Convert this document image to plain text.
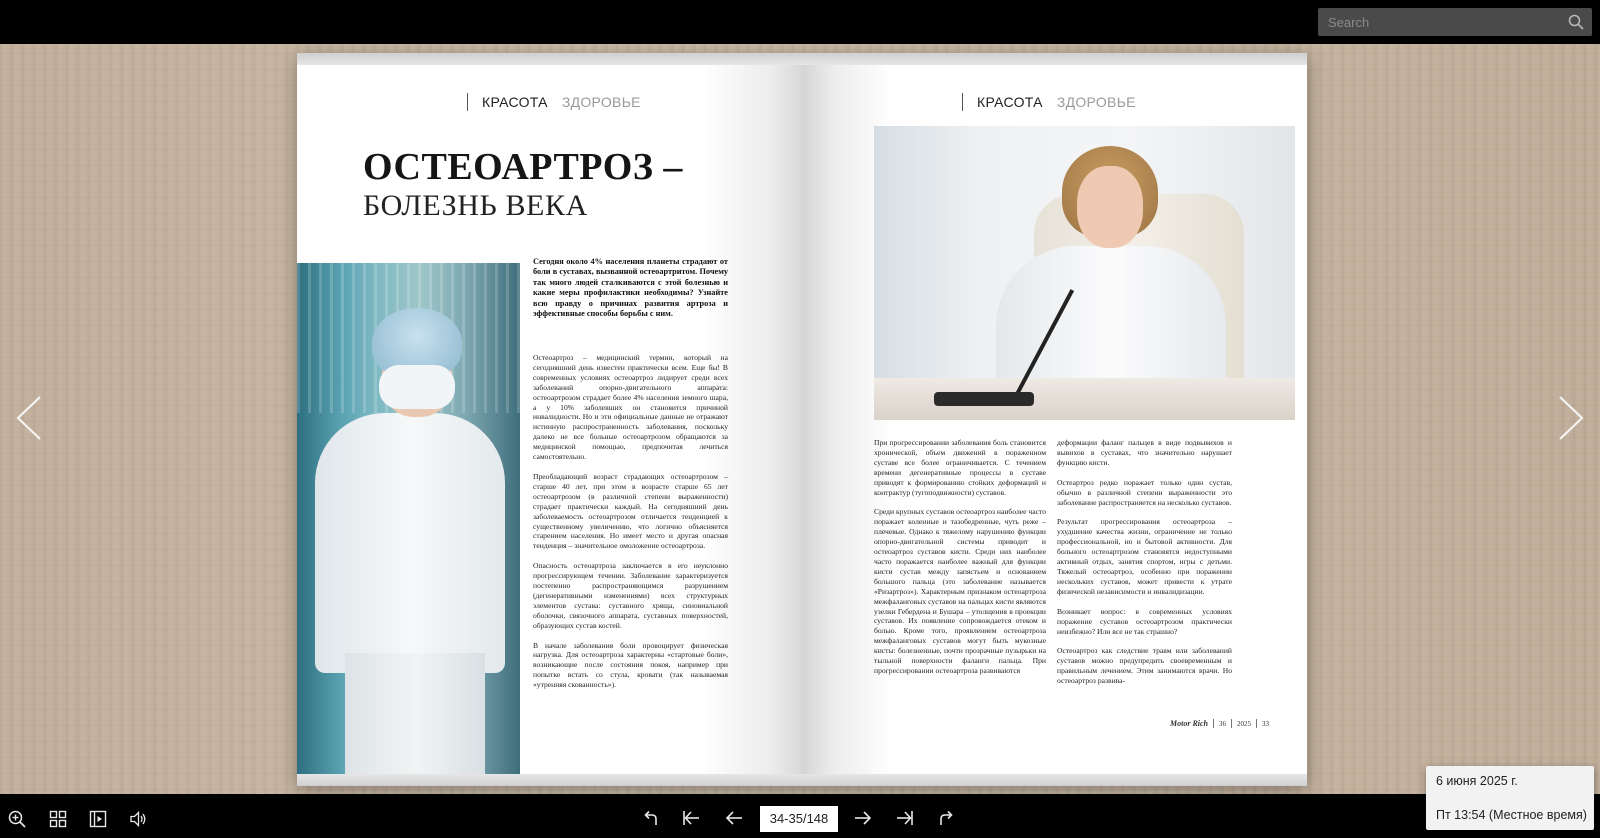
Search
КРАСОТА ЗДОРОВЬЕ
ОСТЕОАРТРОЗ –
БОЛЕЗНЬ ВЕКА
Сегодня около 4% населения планеты страдают от боли в суставах, вызванной остеоартритом. Почему так много людей сталкиваются с этой болезнью и какие меры профилактики необходимы? Узнайте всю правду о причинах развития артроза и эффективные способы борьбы с ним.

Остеоартроз – медицинский термин, который на сегодняшний день известен практически всем. Еще бы! В современных условиях остеоартроз лидирует среди всех заболеваний опорно-двигательного аппарата: остеоартрозом страдает более 4% населения земного шара, а у 10% заболевших он становится причиной инвалидности. Но и эти официальные данные не отражают истинную распространенность заболевания, поскольку далеко не все больные остеоартрозом обращаются за медицинской помощью, предпочитая лечиться самостоятельно.

Преобладающий возраст страдающих остеоартрозом – старше 40 лет, при этом в возрасте старше 65 лет остеоартрозом (в различной степени выраженности) страдает практически каждый. На сегодняшний день заболеваемость остеоартрозом отличается тенденцией к существенному увеличению, что логично объясняется старением населения. Но имеет место и другая опасная тенденция – значительное омоложение остеоартроза.

Опасность остеоартроза заключается в его неуклонно прогрессирующем течении. Заболевание характеризуется постепенно распространяющимся разрушением (дегенеративными изменениями) всех структурных элементов сустава: суставного хряща, синовиальной оболочки, связочного аппарата, суставных поверхностей, образующих сустав костей.

В начале заболевания боли провоцирует физическая нагрузка. Для остеоартроза характерны «стартовые боли», возникающие после состояния покоя, например при попытке встать со стула, кровати (так называемая «утренняя скованность»).

КРАСОТА ЗДОРОВЬЕ

При прогрессировании заболевания боль становится хронической, объем движений в пораженном суставе все более ограничивается. С течением времени дегенеративные процессы в суставе приводят к формированию стойких деформаций и контрактур (тугоподвижности) суставов.

Среди крупных суставов остеоартроз наиболее часто поражает коленные и тазобедренные, чуть реже – плечевые. Однако к тяжелому нарушению функции опорно-двигательной системы приводит и остеоартроз суставов кисти. Среди них наиболее часто поражается наиболее важный для функции кисти сустав между запястьем и основанием большого пальца (это заболевание называется «Ризартроз»). Характерным признаком остеоартроза межфаланговых суставов на пальцах кисти являются узелки Гебердена и Бушара – утолщения в проекции суставов. Их появление сопровождается отеком и болью. Кроме того, проявлением остеоартроза межфаланговых суставов могут быть мукозные кисты: болезненные, почти прозрачные пузырьки на тыльной поверхности фаланги пальца. При прогрессировании остеоартроза развиваются

деформации фаланг пальцев в виде подвывихов и вывихов в суставах, что значительно нарушает функцию кисти.

Остеартроз редко поражает только один сустав, обычно в различной степени выраженности это заболевание распространяется на несколько суставов.

Результат прогрессирования остеоартроза – ухудшение качества жизни, ограничение не только профессиональной, но и бытовой активности. Для больного остеоартрозом становятся недоступными активный отдых, занятия спортом, игры с детьми. Тяжелый остеоартроз, особенно при поражении нескольких суставов, может привести к утрате физической независимости и инвалидизации.

Возникает вопрос: в современных условиях поражение суставов остеоартрозом практически неизбежно? Или все не так страшно?

Остеоартроз как следствие травм или заболеваний суставов можно предупредить своевременным и правильным лечением. Этим занимаются врачи. Но остеоартроз развива-

Motor Rich 36 2025 33
34-35/148
6 июня 2025 г.
Пт 13:54 (Местное время)
